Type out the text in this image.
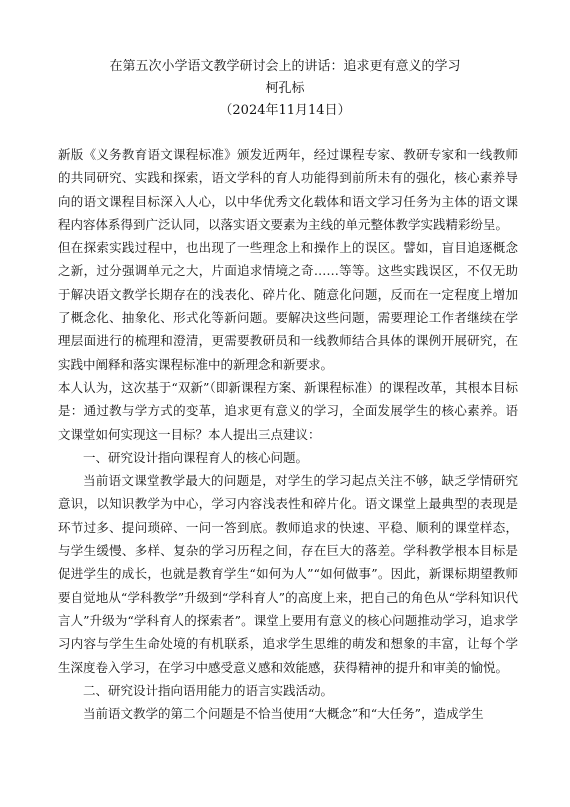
在第五次小学语文教学研讨会上的讲话：追求更有意义的学习
柯孔标
（2024年11月14日）

新版《义务教育语文课程标准》颁发近两年，经过课程专家、教研专家和一线教师的共同研究、实践和探索，语文学科的育人功能得到前所未有的强化，核心素养导向的语文课程目标深入人心，以中华优秀文化载体和语文学习任务为主体的语文课程内容体系得到广泛认同，以落实语文要素为主线的单元整体教学实践精彩纷呈。

但在探索实践过程中，也出现了一些理念上和操作上的误区。譬如，盲目追逐概念之新，过分强调单元之大，片面追求情境之奇……等等。这些实践误区，不仅无助于解决语文教学长期存在的浅表化、碎片化、随意化问题，反而在一定程度上增加了概念化、抽象化、形式化等新问题。要解决这些问题，需要理论工作者继续在学理层面进行的梳理和澄清，更需要教研员和一线教师结合具体的课例开展研究，在实践中阐释和落实课程标准中的新理念和新要求。

本人认为，这次基于“双新”（即新课程方案、新课程标准）的课程改革，其根本目标是：通过教与学方式的变革，追求更有意义的学习，全面发展学生的核心素养。语文课堂如何实现这一目标？本人提出三点建议：

一、研究设计指向课程育人的核心问题。

当前语文课堂教学最大的问题是，对学生的学习起点关注不够，缺乏学情研究意识，以知识教学为中心，学习内容浅表性和碎片化。语文课堂上最典型的表现是环节过多、提问琐碎、一问一答到底。教师追求的快速、平稳、顺利的课堂样态，与学生缓慢、多样、复杂的学习历程之间，存在巨大的落差。学科教学根本目标是促进学生的成长，也就是教育学生“如何为人”“如何做事”。因此，新课标期望教师要自觉地从“学科教学”升级到“学科育人”的高度上来，把自己的角色从“学科知识代言人”升级为“学科育人的探索者”。课堂上要用有意义的核心问题推动学习，追求学习内容与学生生命处境的有机联系，追求学生思维的萌发和想象的丰富，让每个学生深度卷入学习，在学习中感受意义感和效能感，获得精神的提升和审美的愉悦。

二、研究设计指向语用能力的语言实践活动。

当前语文教学的第二个问题是不恰当使用“大概念”和“大任务”，造成学生
